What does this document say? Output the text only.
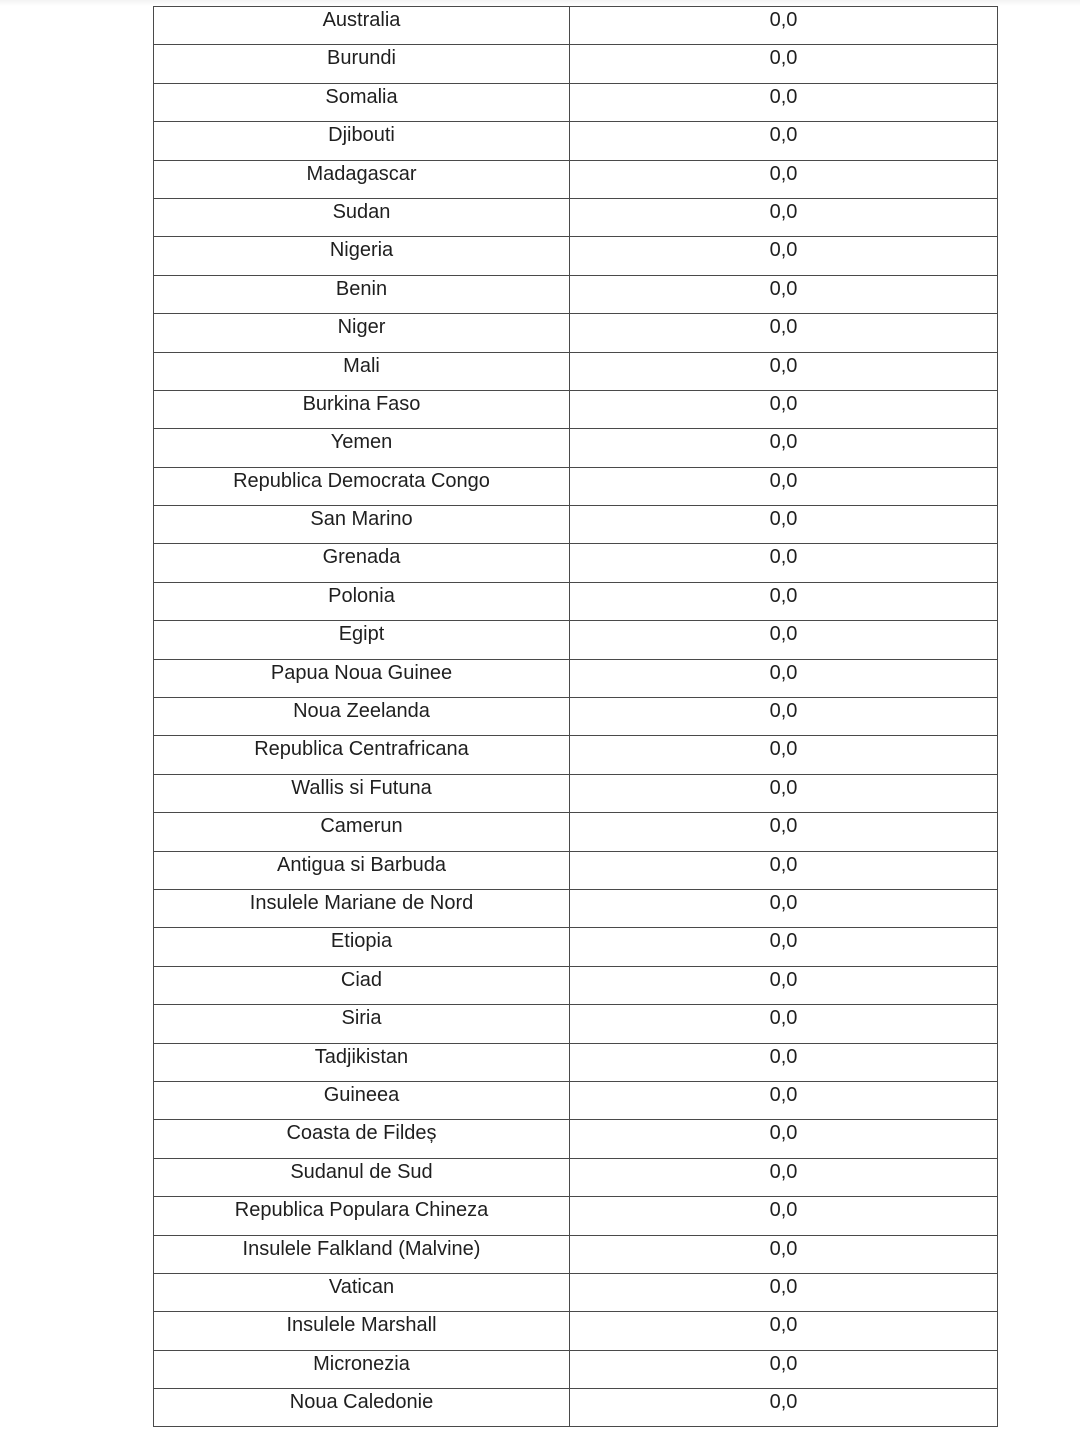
Australia	0,0
Burundi	0,0
Somalia	0,0
Djibouti	0,0
Madagascar	0,0
Sudan	0,0
Nigeria	0,0
Benin	0,0
Niger	0,0
Mali	0,0
Burkina Faso	0,0
Yemen	0,0
Republica Democrata Congo	0,0
San Marino	0,0
Grenada	0,0
Polonia	0,0
Egipt	0,0
Papua Noua Guinee	0,0
Noua Zeelanda	0,0
Republica Centrafricana	0,0
Wallis si Futuna	0,0
Camerun	0,0
Antigua si Barbuda	0,0
Insulele Mariane de Nord	0,0
Etiopia	0,0
Ciad	0,0
Siria	0,0
Tadjikistan	0,0
Guineea	0,0
Coasta de Fildeș	0,0
Sudanul de Sud	0,0
Republica Populara Chineza	0,0
Insulele Falkland (Malvine)	0,0
Vatican	0,0
Insulele Marshall	0,0
Micronezia	0,0
Noua Caledonie	0,0
